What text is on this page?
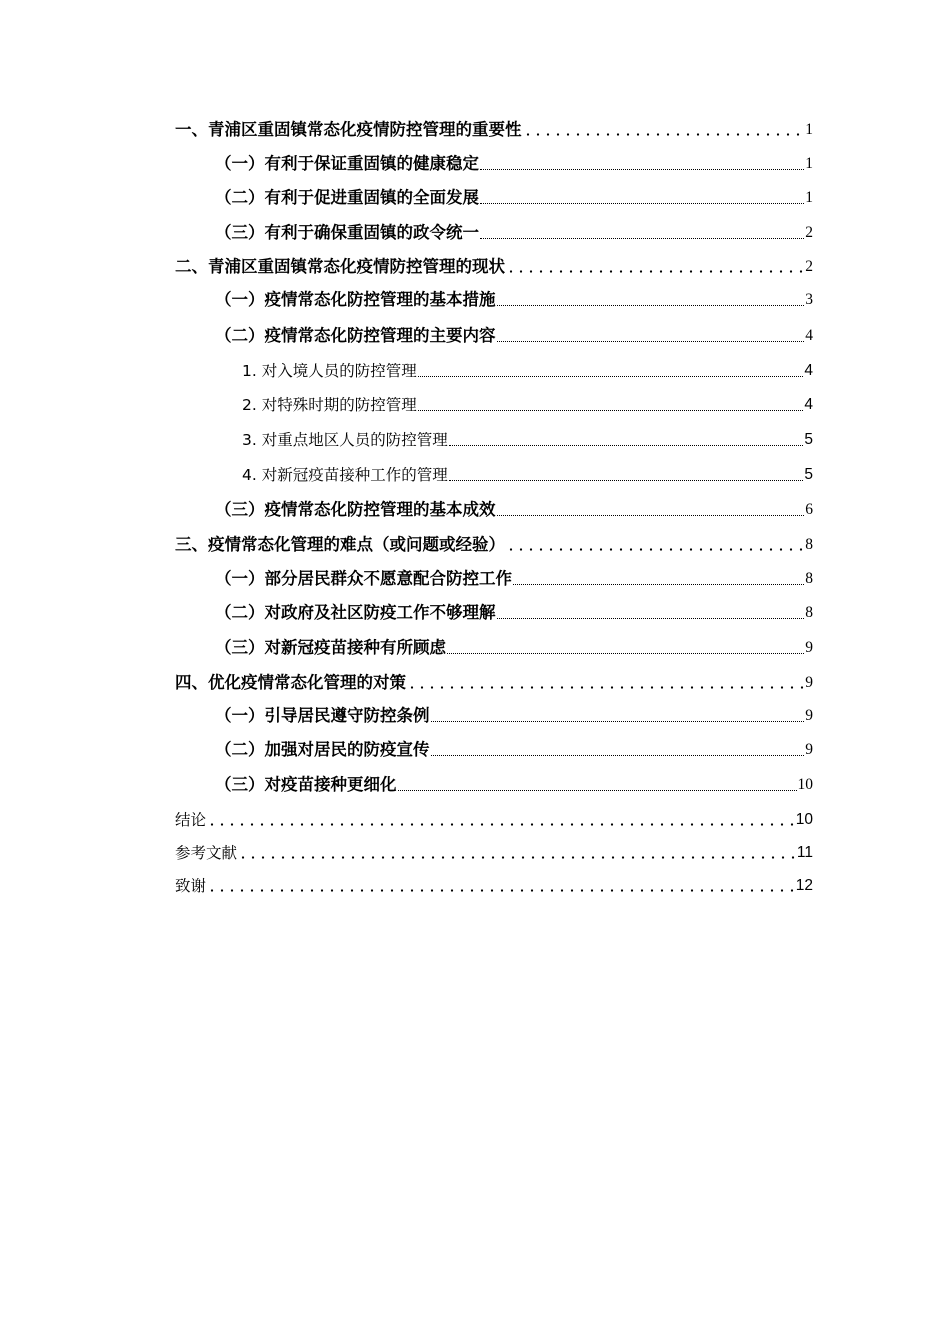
一、青浦区重固镇常态化疫情防控管理的重要性	1
（一）有利于保证重固镇的健康稳定	1
（二）有利于促进重固镇的全面发展	1
（三）有利于确保重固镇的政令统一	2
二、青浦区重固镇常态化疫情防控管理的现状	2
（一）疫情常态化防控管理的基本措施	3
（二）疫情常态化防控管理的主要内容	4
1. 对入境人员的防控管理	4
2. 对特殊时期的防控管理	4
3. 对重点地区人员的防控管理	5
4. 对新冠疫苗接种工作的管理	5
（三）疫情常态化防控管理的基本成效	6
三、疫情常态化管理的难点（或问题或经验）	8
（一）部分居民群众不愿意配合防控工作	8
（二）对政府及社区防疫工作不够理解	8
（三）对新冠疫苗接种有所顾虑	9
四、优化疫情常态化管理的对策	9
（一）引导居民遵守防控条例	9
（二）加强对居民的防疫宣传	9
（三）对疫苗接种更细化	10
结论	10
参考文献	11
致谢	12
